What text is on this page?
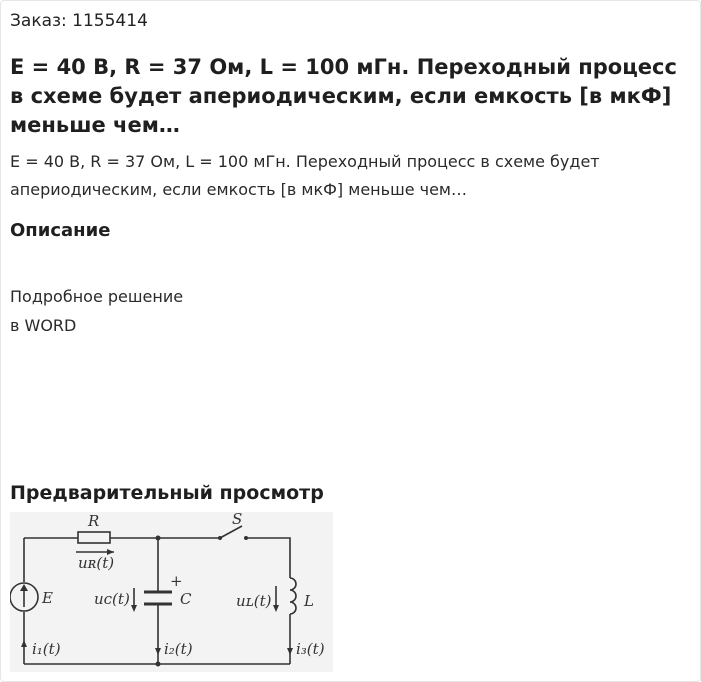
Заказ: 1155414
E = 40 В, R = 37 Ом, L = 100 мГн. Переходный процесс в схеме будет апериодическим, если емкость [в мкФ] меньше чем…
E = 40 В, R = 37 Ом, L = 100 мГн. Переходный процесс в схеме будет апериодическим, если емкость [в мкФ] меньше чем…
Описание
Подробное решение
в WORD
Предварительный просмотр
R	S
uʀ(t)
E	uᴄ(t)	C
+
uʟ(t) L
i₁(t)	i₂(t)	i₃(t)
